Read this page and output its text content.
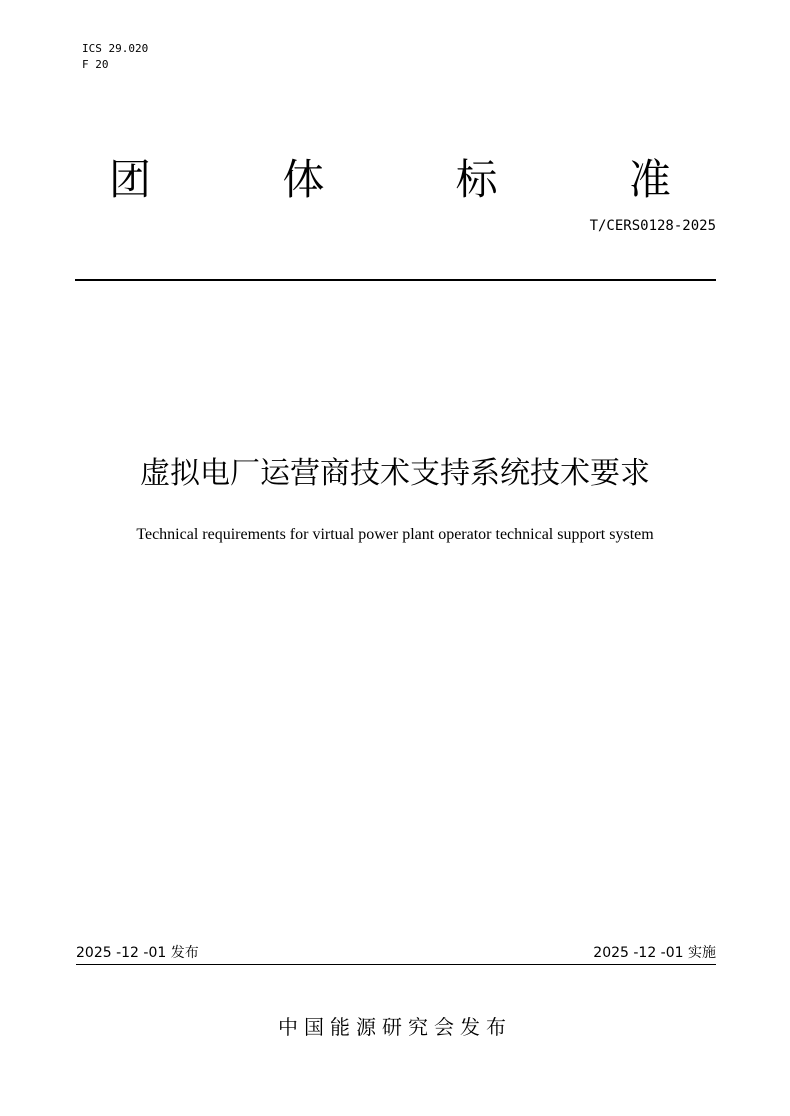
ICS 29.020
F 20
团	体	标	准
T/CERS0128-2025
虚拟电厂运营商技术支持系统技术要求
Technical requirements for virtual power plant operator technical support system
2025 -12 -01 发布	2025 -12 -01 实施
中国能源研究会发布
